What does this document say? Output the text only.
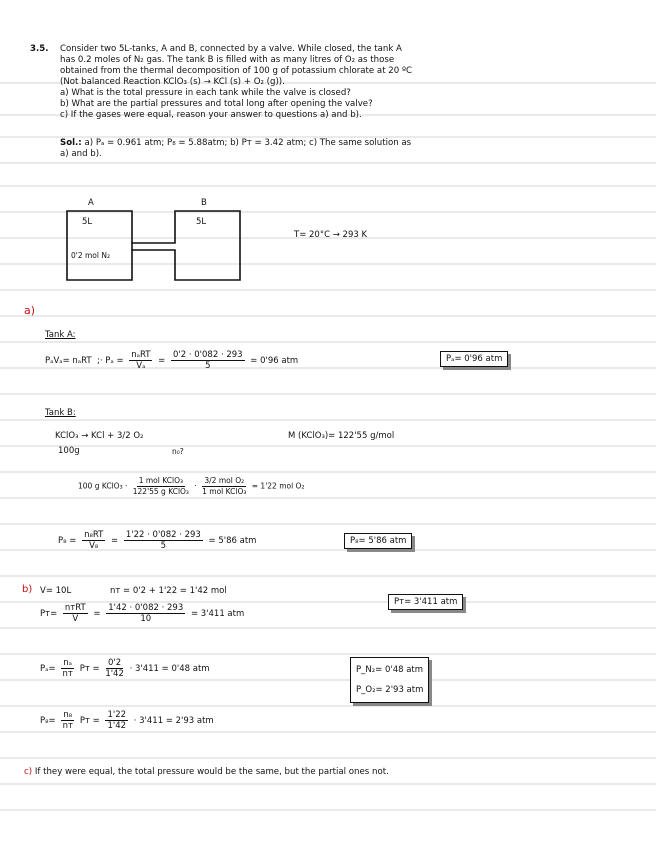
3.5.	Consider two 5L-tanks, A and B, connected by a valve. While closed, the tank A

has 0.2 moles of N₂ gas. The tank B is filled with as many litres of O₂ as those

obtained from the thermal decomposition of 100 g of potassium chlorate at 20 ºC

(Not balanced Reaction KClO₃ (s) → KCl (s) + O₂ (g)).

a) What is the total pressure in each tank while the valve is closed?

b) What are the partial pressures and total long after opening the valve?

c) If the gases were equal, reason your answer to questions a) and b).

Sol.: a) Pₐ = 0.961 atm; P₈ = 5.88atm; b) Pᴛ = 3.42 atm; c) The same solution as
a) and b).
A	B
5L	5L
0'2 mol N₂
T= 20°C → 293 K
a)
Tank A:
PₐVₐ= nₐRT ;· $P_a = \frac{\text{nₐRT}}{\text{Vₐ}} = \frac{0'2 \cdot 0'082 \cdot 293}{5} = 0'96$ atm	Pₐ= 0'96 atm
Tank B:
KClO₃ → KCl + 3/2 O₂
100g	n₀?
M (KClO₃)= 122'55 g/mol
100 g KClO₃ · $\frac{\text{1 mol KClO₃}}{\text{122'55 g KClO₃}} \cdot \frac{\text{3/2 mol O₂}}{\text{1 mol KClO₃}} = 1'22$ mol O₂
$P_8 = \frac{\text{n₈RT}}{\text{V₈}} = \frac{1'22 \cdot 0'082 \cdot 293}{5} = 5'86$ atm	P₈= 5'86 atm
b) V= 10L	nᴛ = 0'2 + 1'22 = 1'42 mol
Pᴛ= 3'411 atm
Pᴛ= $\frac{\text{nᴛRT}}{V} = \frac{1'42 \cdot 0'082 \cdot 293}{10} = 3'411$ atm
$P_a= \frac{\text{nₐ}}{\text{nᴛ}}$ Pᴛ = $\frac{0'2}{1'42} \cdot 3'411 = 0'48$ atm	P_N₂= 0'48 atm
P_O₂= 2'93 atm
$P_8= \frac{\text{n₈}}{\text{nᴛ}}$ Pᴛ = $\frac{1'22}{1'42} \cdot 3'411 = 2'93$ atm
c) If they were equal, the total pressure would be the same, but the partial ones not.
